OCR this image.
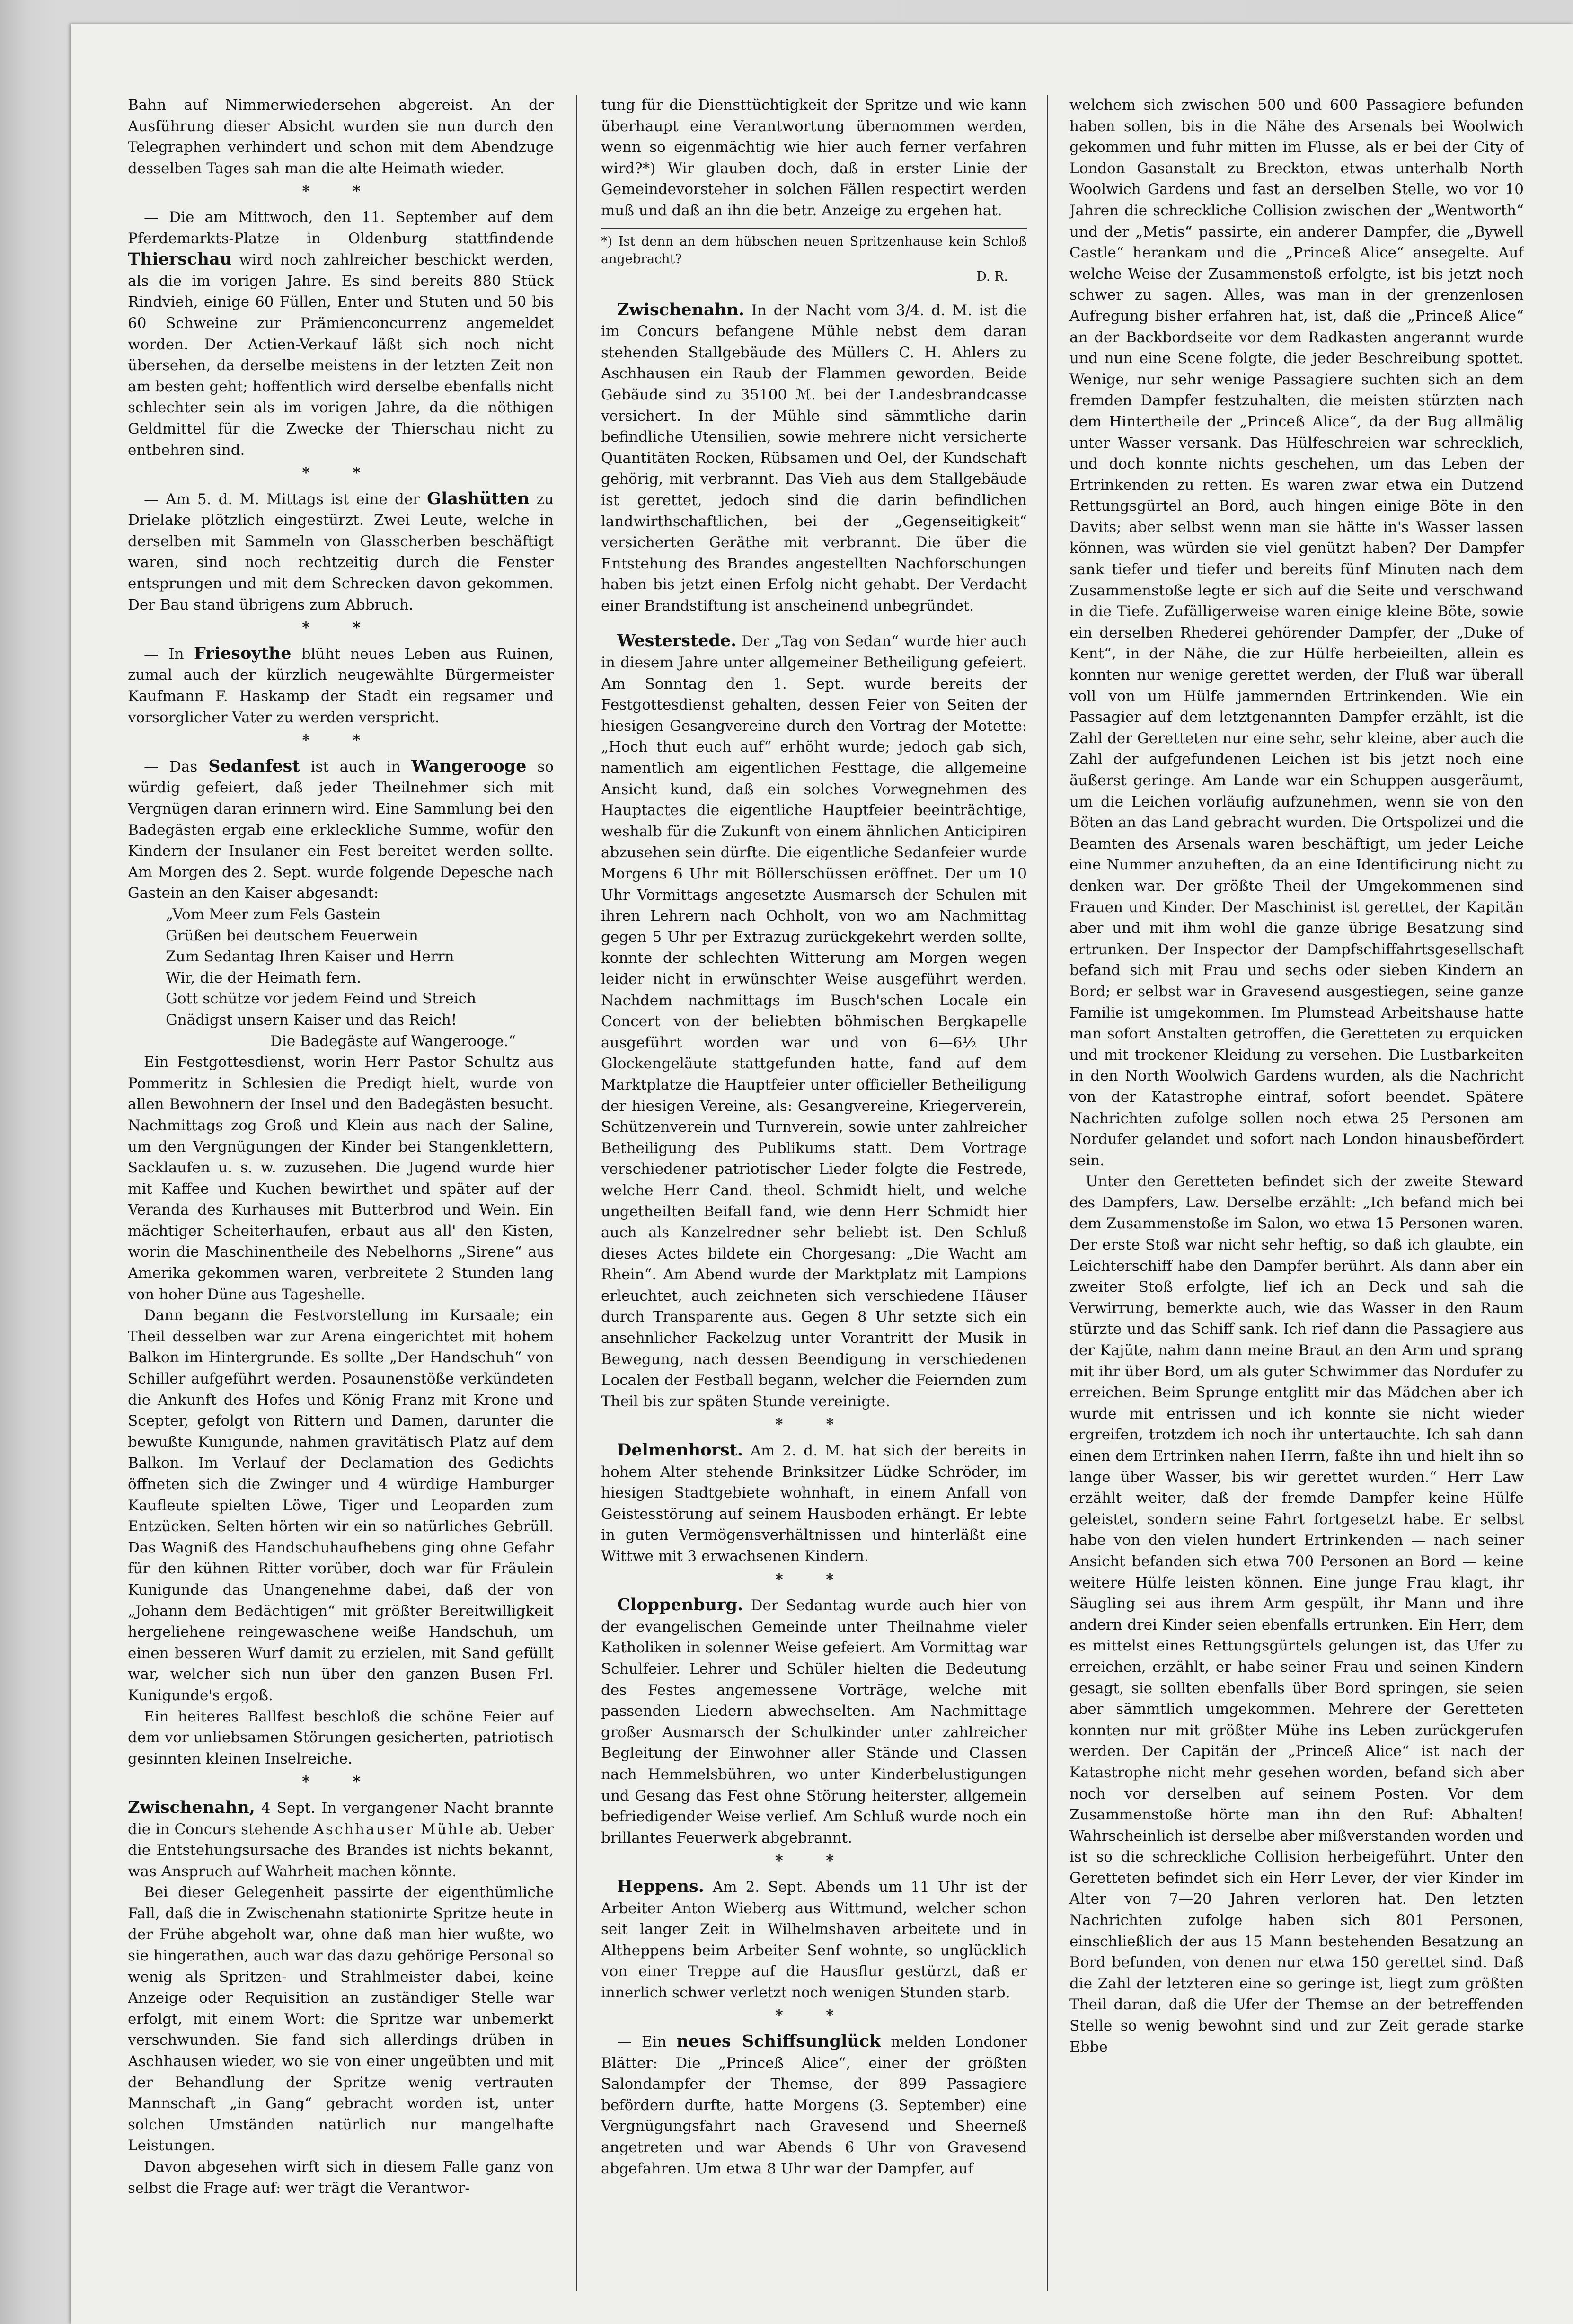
Bahn auf Nimmerwiedersehen abgereist. An der Ausführung dieser Absicht wurden sie nun durch den Telegraphen verhindert und schon mit dem Abendzuge desselben Tages sah man die alte Heimath wieder.

* *

— Die am Mittwoch, den 11. September auf dem Pferdemarkts-Platze in Oldenburg stattfindende Thierschau wird noch zahlreicher beschickt werden, als die im vorigen Jahre. Es sind bereits 880 Stück Rindvieh, einige 60 Füllen, Enter und Stuten und 50 bis 60 Schweine zur Prämienconcurrenz angemeldet worden. Der Actien-Verkauf läßt sich noch nicht übersehen, da derselbe meistens in der letzten Zeit non am besten geht; hoffentlich wird derselbe ebenfalls nicht schlechter sein als im vorigen Jahre, da die nöthigen Geldmittel für die Zwecke der Thierschau nicht zu entbehren sind.

* *

— Am 5. d. M. Mittags ist eine der Glashütten zu Drielake plötzlich eingestürzt. Zwei Leute, welche in derselben mit Sammeln von Glasscherben beschäftigt waren, sind noch rechtzeitig durch die Fenster entsprungen und mit dem Schrecken davon gekommen. Der Bau stand übrigens zum Abbruch.

* *

— In Friesoythe blüht neues Leben aus Ruinen, zumal auch der kürzlich neugewählte Bürgermeister Kaufmann F. Haskamp der Stadt ein regsamer und vorsorglicher Vater zu werden verspricht.

* *

— Das Sedanfest ist auch in Wangerooge so würdig gefeiert, daß jeder Theilnehmer sich mit Vergnügen daran erinnern wird. Eine Sammlung bei den Badegästen ergab eine erkleckliche Summe, wofür den Kindern der Insulaner ein Fest bereitet werden sollte. Am Morgen des 2. Sept. wurde folgende Depesche nach Gastein an den Kaiser abgesandt:

„Vom Meer zum Fels Gastein
Grüßen bei deutschem Feuerwein
Zum Sedantag Ihren Kaiser und Herrn
Wir, die der Heimath fern.
Gott schütze vor jedem Feind und Streich
Gnädigst unsern Kaiser und das Reich!
Die Badegäste auf Wangerooge.“

Ein Festgottesdienst, worin Herr Pastor Schultz aus Pommeritz in Schlesien die Predigt hielt, wurde von allen Bewohnern der Insel und den Badegästen besucht. Nachmittags zog Groß und Klein aus nach der Saline, um den Vergnügungen der Kinder bei Stangenklettern, Sacklaufen u. s. w. zuzusehen. Die Jugend wurde hier mit Kaffee und Kuchen bewirthet und später auf der Veranda des Kurhauses mit Butterbrod und Wein. Ein mächtiger Scheiterhaufen, erbaut aus all' den Kisten, worin die Maschinentheile des Nebelhorns „Sirene“ aus Amerika gekommen waren, verbreitete 2 Stunden lang von hoher Düne aus Tageshelle.

Dann begann die Festvorstellung im Kursaale; ein Theil desselben war zur Arena eingerichtet mit hohem Balkon im Hintergrunde. Es sollte „Der Handschuh“ von Schiller aufgeführt werden. Posaunenstöße verkündeten die Ankunft des Hofes und König Franz mit Krone und Scepter, gefolgt von Rittern und Damen, darunter die bewußte Kunigunde, nahmen gravitätisch Platz auf dem Balkon. Im Verlauf der Declamation des Gedichts öffneten sich die Zwinger und 4 würdige Hamburger Kaufleute spielten Löwe, Tiger und Leoparden zum Entzücken. Selten hörten wir ein so natürliches Gebrüll. Das Wagniß des Handschuhaufhebens ging ohne Gefahr für den kühnen Ritter vorüber, doch war für Fräulein Kunigunde das Unangenehme dabei, daß der von „Johann dem Bedächtigen“ mit größter Bereitwilligkeit hergeliehene reingewaschene weiße Handschuh, um einen besseren Wurf damit zu erzielen, mit Sand gefüllt war, welcher sich nun über den ganzen Busen Frl. Kunigunde's ergoß.

Ein heiteres Ballfest beschloß die schöne Feier auf dem vor unliebsamen Störungen gesicherten, patriotisch gesinnten kleinen Inselreiche.

* *

Zwischenahn, 4 Sept. In vergangener Nacht brannte die in Concurs stehende Aschhauser Mühle ab. Ueber die Entstehungsursache des Brandes ist nichts bekannt, was Anspruch auf Wahrheit machen könnte.

Bei dieser Gelegenheit passirte der eigenthümliche Fall, daß die in Zwischenahn stationirte Spritze heute in der Frühe abgeholt war, ohne daß man hier wußte, wo sie hingerathen, auch war das dazu gehörige Personal so wenig als Spritzen- und Strahlmeister dabei, keine Anzeige oder Requisition an zuständiger Stelle war erfolgt, mit einem Wort: die Spritze war unbemerkt verschwunden. Sie fand sich allerdings drüben in Aschhausen wieder, wo sie von einer ungeübten und mit der Behandlung der Spritze wenig vertrauten Mannschaft „in Gang“ gebracht worden ist, unter solchen Umständen natürlich nur mangelhafte Leistungen.

Davon abgesehen wirft sich in diesem Falle ganz von selbst die Frage auf: wer trägt die Verantwor-

tung für die Diensttüchtigkeit der Spritze und wie kann überhaupt eine Verantwortung übernommen werden, wenn so eigenmächtig wie hier auch ferner verfahren wird?*) Wir glauben doch, daß in erster Linie der Gemeindevorsteher in solchen Fällen respectirt werden muß und daß an ihn die betr. Anzeige zu ergehen hat.

*) Ist denn an dem hübschen neuen Spritzenhause kein Schloß angebracht?
D. R.

Zwischenahn. In der Nacht vom 3/4. d. M. ist die im Concurs befangene Mühle nebst dem daran stehenden Stallgebäude des Müllers C. H. Ahlers zu Aschhausen ein Raub der Flammen geworden. Beide Gebäude sind zu 35100 ℳ. bei der Landesbrandcasse versichert. In der Mühle sind sämmtliche darin befindliche Utensilien, sowie mehrere nicht versicherte Quantitäten Rocken, Rübsamen und Oel, der Kundschaft gehörig, mit verbrannt. Das Vieh aus dem Stallgebäude ist gerettet, jedoch sind die darin befindlichen landwirthschaftlichen, bei der „Gegenseitigkeit“ versicherten Geräthe mit verbrannt. Die über die Entstehung des Brandes angestellten Nachforschungen haben bis jetzt einen Erfolg nicht gehabt. Der Verdacht einer Brandstiftung ist anscheinend unbegründet.

Westerstede. Der „Tag von Sedan“ wurde hier auch in diesem Jahre unter allgemeiner Betheiligung gefeiert. Am Sonntag den 1. Sept. wurde bereits der Festgottesdienst gehalten, dessen Feier von Seiten der hiesigen Gesangvereine durch den Vortrag der Motette: „Hoch thut euch auf“ erhöht wurde; jedoch gab sich, namentlich am eigentlichen Festtage, die allgemeine Ansicht kund, daß ein solches Vorwegnehmen des Hauptactes die eigentliche Hauptfeier beeinträchtige, weshalb für die Zukunft von einem ähnlichen Anticipiren abzusehen sein dürfte. Die eigentliche Sedanfeier wurde Morgens 6 Uhr mit Böllerschüssen eröffnet. Der um 10 Uhr Vormittags angesetzte Ausmarsch der Schulen mit ihren Lehrern nach Ochholt, von wo am Nachmittag gegen 5 Uhr per Extrazug zurückgekehrt werden sollte, konnte der schlechten Witterung am Morgen wegen leider nicht in erwünschter Weise ausgeführt werden. Nachdem nachmittags im Busch'schen Locale ein Concert von der beliebten böhmischen Bergkapelle ausgeführt worden war und von 6—6½ Uhr Glockengeläute stattgefunden hatte, fand auf dem Marktplatze die Hauptfeier unter officieller Betheiligung der hiesigen Vereine, als: Gesangvereine, Kriegerverein, Schützenverein und Turnverein, sowie unter zahlreicher Betheiligung des Publikums statt. Dem Vortrage verschiedener patriotischer Lieder folgte die Festrede, welche Herr Cand. theol. Schmidt hielt, und welche ungetheilten Beifall fand, wie denn Herr Schmidt hier auch als Kanzelredner sehr beliebt ist. Den Schluß dieses Actes bildete ein Chorgesang: „Die Wacht am Rhein“. Am Abend wurde der Marktplatz mit Lampions erleuchtet, auch zeichneten sich verschiedene Häuser durch Transparente aus. Gegen 8 Uhr setzte sich ein ansehnlicher Fackelzug unter Vorantritt der Musik in Bewegung, nach dessen Beendigung in verschiedenen Localen der Festball begann, welcher die Feiernden zum Theil bis zur späten Stunde vereinigte.

* *

Delmenhorst. Am 2. d. M. hat sich der bereits in hohem Alter stehende Brinksitzer Lüdke Schröder, im hiesigen Stadtgebiete wohnhaft, in einem Anfall von Geistesstörung auf seinem Hausboden erhängt. Er lebte in guten Vermögensverhältnissen und hinterläßt eine Wittwe mit 3 erwachsenen Kindern.

* *

Cloppenburg. Der Sedantag wurde auch hier von der evangelischen Gemeinde unter Theilnahme vieler Katholiken in solenner Weise gefeiert. Am Vormittag war Schulfeier. Lehrer und Schüler hielten die Bedeutung des Festes angemessene Vorträge, welche mit passenden Liedern abwechselten. Am Nachmittage großer Ausmarsch der Schulkinder unter zahlreicher Begleitung der Einwohner aller Stände und Classen nach Hemmelsbühren, wo unter Kinderbelustigungen und Gesang das Fest ohne Störung heiterster, allgemein befriedigender Weise verlief. Am Schluß wurde noch ein brillantes Feuerwerk abgebrannt.

* *

Heppens. Am 2. Sept. Abends um 11 Uhr ist der Arbeiter Anton Wieberg aus Wittmund, welcher schon seit langer Zeit in Wilhelmshaven arbeitete und in Altheppens beim Arbeiter Senf wohnte, so unglücklich von einer Treppe auf die Hausflur gestürzt, daß er innerlich schwer verletzt noch wenigen Stunden starb.

* *

— Ein neues Schiffsunglück melden Londoner Blätter: Die „Princeß Alice“, einer der größten Salondampfer der Themse, der 899 Passagiere befördern durfte, hatte Morgens (3. September) eine Vergnügungsfahrt nach Gravesend und Sheerneß angetreten und war Abends 6 Uhr von Gravesend abgefahren. Um etwa 8 Uhr war der Dampfer, auf

welchem sich zwischen 500 und 600 Passagiere befunden haben sollen, bis in die Nähe des Arsenals bei Woolwich gekommen und fuhr mitten im Flusse, als er bei der City of London Gasanstalt zu Breckton, etwas unterhalb North Woolwich Gardens und fast an derselben Stelle, wo vor 10 Jahren die schreckliche Collision zwischen der „Wentworth“ und der „Metis“ passirte, ein anderer Dampfer, die „Bywell Castle“ herankam und die „Princeß Alice“ ansegelte. Auf welche Weise der Zusammenstoß erfolgte, ist bis jetzt noch schwer zu sagen. Alles, was man in der grenzenlosen Aufregung bisher erfahren hat, ist, daß die „Princeß Alice“ an der Backbordseite vor dem Radkasten angerannt wurde und nun eine Scene folgte, die jeder Beschreibung spottet. Wenige, nur sehr wenige Passagiere suchten sich an dem fremden Dampfer festzuhalten, die meisten stürzten nach dem Hintertheile der „Princeß Alice“, da der Bug allmälig unter Wasser versank. Das Hülfeschreien war schrecklich, und doch konnte nichts geschehen, um das Leben der Ertrinkenden zu retten. Es waren zwar etwa ein Dutzend Rettungsgürtel an Bord, auch hingen einige Böte in den Davits; aber selbst wenn man sie hätte in's Wasser lassen können, was würden sie viel genützt haben? Der Dampfer sank tiefer und tiefer und bereits fünf Minuten nach dem Zusammenstoße legte er sich auf die Seite und verschwand in die Tiefe. Zufälligerweise waren einige kleine Böte, sowie ein derselben Rhederei gehörender Dampfer, der „Duke of Kent“, in der Nähe, die zur Hülfe herbeieilten, allein es konnten nur wenige gerettet werden, der Fluß war überall voll von um Hülfe jammernden Ertrinkenden. Wie ein Passagier auf dem letztgenannten Dampfer erzählt, ist die Zahl der Geretteten nur eine sehr, sehr kleine, aber auch die Zahl der aufgefundenen Leichen ist bis jetzt noch eine äußerst geringe. Am Lande war ein Schuppen ausgeräumt, um die Leichen vorläufig aufzunehmen, wenn sie von den Böten an das Land gebracht wurden. Die Ortspolizei und die Beamten des Arsenals waren beschäftigt, um jeder Leiche eine Nummer anzuheften, da an eine Identificirung nicht zu denken war. Der größte Theil der Umgekommenen sind Frauen und Kinder. Der Maschinist ist gerettet, der Kapitän aber und mit ihm wohl die ganze übrige Besatzung sind ertrunken. Der Inspector der Dampfschiffahrtsgesellschaft befand sich mit Frau und sechs oder sieben Kindern an Bord; er selbst war in Gravesend ausgestiegen, seine ganze Familie ist umgekommen. Im Plumstead Arbeitshause hatte man sofort Anstalten getroffen, die Geretteten zu erquicken und mit trockener Kleidung zu versehen. Die Lustbarkeiten in den North Woolwich Gardens wurden, als die Nachricht von der Katastrophe eintraf, sofort beendet. Spätere Nachrichten zufolge sollen noch etwa 25 Personen am Nordufer gelandet und sofort nach London hinausbefördert sein.

Unter den Geretteten befindet sich der zweite Steward des Dampfers, Law. Derselbe erzählt: „Ich befand mich bei dem Zusammenstoße im Salon, wo etwa 15 Personen waren. Der erste Stoß war nicht sehr heftig, so daß ich glaubte, ein Leichterschiff habe den Dampfer berührt. Als dann aber ein zweiter Stoß erfolgte, lief ich an Deck und sah die Verwirrung, bemerkte auch, wie das Wasser in den Raum stürzte und das Schiff sank. Ich rief dann die Passagiere aus der Kajüte, nahm dann meine Braut an den Arm und sprang mit ihr über Bord, um als guter Schwimmer das Nordufer zu erreichen. Beim Sprunge entglitt mir das Mädchen aber ich wurde mit entrissen und ich konnte sie nicht wieder ergreifen, trotzdem ich noch ihr untertauchte. Ich sah dann einen dem Ertrinken nahen Herrn, faßte ihn und hielt ihn so lange über Wasser, bis wir gerettet wurden.“ Herr Law erzählt weiter, daß der fremde Dampfer keine Hülfe geleistet, sondern seine Fahrt fortgesetzt habe. Er selbst habe von den vielen hundert Ertrinkenden — nach seiner Ansicht befanden sich etwa 700 Personen an Bord — keine weitere Hülfe leisten können. Eine junge Frau klagt, ihr Säugling sei aus ihrem Arm gespült, ihr Mann und ihre andern drei Kinder seien ebenfalls ertrunken. Ein Herr, dem es mittelst eines Rettungsgürtels gelungen ist, das Ufer zu erreichen, erzählt, er habe seiner Frau und seinen Kindern gesagt, sie sollten ebenfalls über Bord springen, sie seien aber sämmtlich umgekommen. Mehrere der Geretteten konnten nur mit größter Mühe ins Leben zurückgerufen werden. Der Capitän der „Princeß Alice“ ist nach der Katastrophe nicht mehr gesehen worden, befand sich aber noch vor derselben auf seinem Posten. Vor dem Zusammenstoße hörte man ihn den Ruf: Abhalten! Wahrscheinlich ist derselbe aber mißverstanden worden und ist so die schreckliche Collision herbeigeführt. Unter den Geretteten befindet sich ein Herr Lever, der vier Kinder im Alter von 7—20 Jahren verloren hat. Den letzten Nachrichten zufolge haben sich 801 Personen, einschließlich der aus 15 Mann bestehenden Besatzung an Bord befunden, von denen nur etwa 150 gerettet sind. Daß die Zahl der letzteren eine so geringe ist, liegt zum größten Theil daran, daß die Ufer der Themse an der betreffenden Stelle so wenig bewohnt sind und zur Zeit gerade starke Ebbe
